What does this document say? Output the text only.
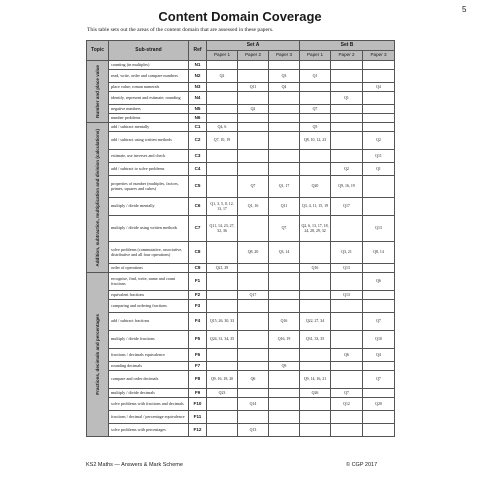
5
Content Domain Coverage
This table sets out the areas of the content domain that are assessed in these papers.
Topic	Sub-strand	Ref	Set A			Set B		
			Paper 1	Paper 2	Paper 3	Paper 1	Paper 2	Paper 3

Number and place value	counting (in multiples)	N1						
	read, write, order and compare numbers	N2	Q2		Q3	Q1		
	place value; roman numerals	N3		Q11	Q4			Q4
	identify, represent and estimate; rounding	N4					Q1	
	negative numbers	N5		Q2		Q7		
	number problems	N6						

Addition, subtraction, multiplication and division (calculations)	add / subtract mentally	C1	Q4, 6			Q5		
	add / subtract using written methods	C2	Q7, 10, 19			Q8, 10, 12, 23		Q2
	estimate, use inverses and check	C3						Q11
	add / subtract to solve problems	C4					Q2	Q1
	properties of number (multiples, factors, primes, squares and cubes)	C5		Q7	Q1, 17	Q20	Q9, 16, 19	
	multiply / divide mentally	C6	Q1, 3, 5, 8, 12, 13, 17	Q1, 16	Q11	Q3, 4, 11, 15, 19	Q17	
	multiply / divide using written methods	C7	Q11, 14, 23, 27, 32, 36		Q7	Q2, 6, 13, 17, 18, 24, 28, 29, 32		Q13
	solve problems (commutative, associative, distributive and all four operations)	C8		Q8, 20	Q3, 14		Q3, 21	Q8, 14
	order of operations	C9	Q21, 29			Q16	Q13	

Fractions, decimals and percentages	recognise, find, write, name and count fractions	F1						Q6
	equivalent fractions	F2		Q17			Q13	
	comparing and ordering fractions	F3						
	add / subtract fractions	F4	Q15, 26, 30, 33		Q16	Q22, 27, 34		Q7
	multiply / divide fractions	F5	Q24, 31, 34, 35		Q16, 19	Q31, 33, 35		Q10
	fractions / decimals equivalence	F6					Q6	Q4
	rounding decimals	F7			Q9			
	compare and order decimals	F8	Q9, 16, 18, 20	Q6		Q9, 14, 16, 21		Q7
	multiply / divide decimals	F9	Q23			Q26	Q7	
	solve problems with fractions and decimals	F10		Q14			Q12	Q20
	fractions / decimal / percentage equivalence	F11						
	solve problems with percentages	F12		Q13				
KS2 Maths — Answers & Mark Scheme	© CGP 2017
